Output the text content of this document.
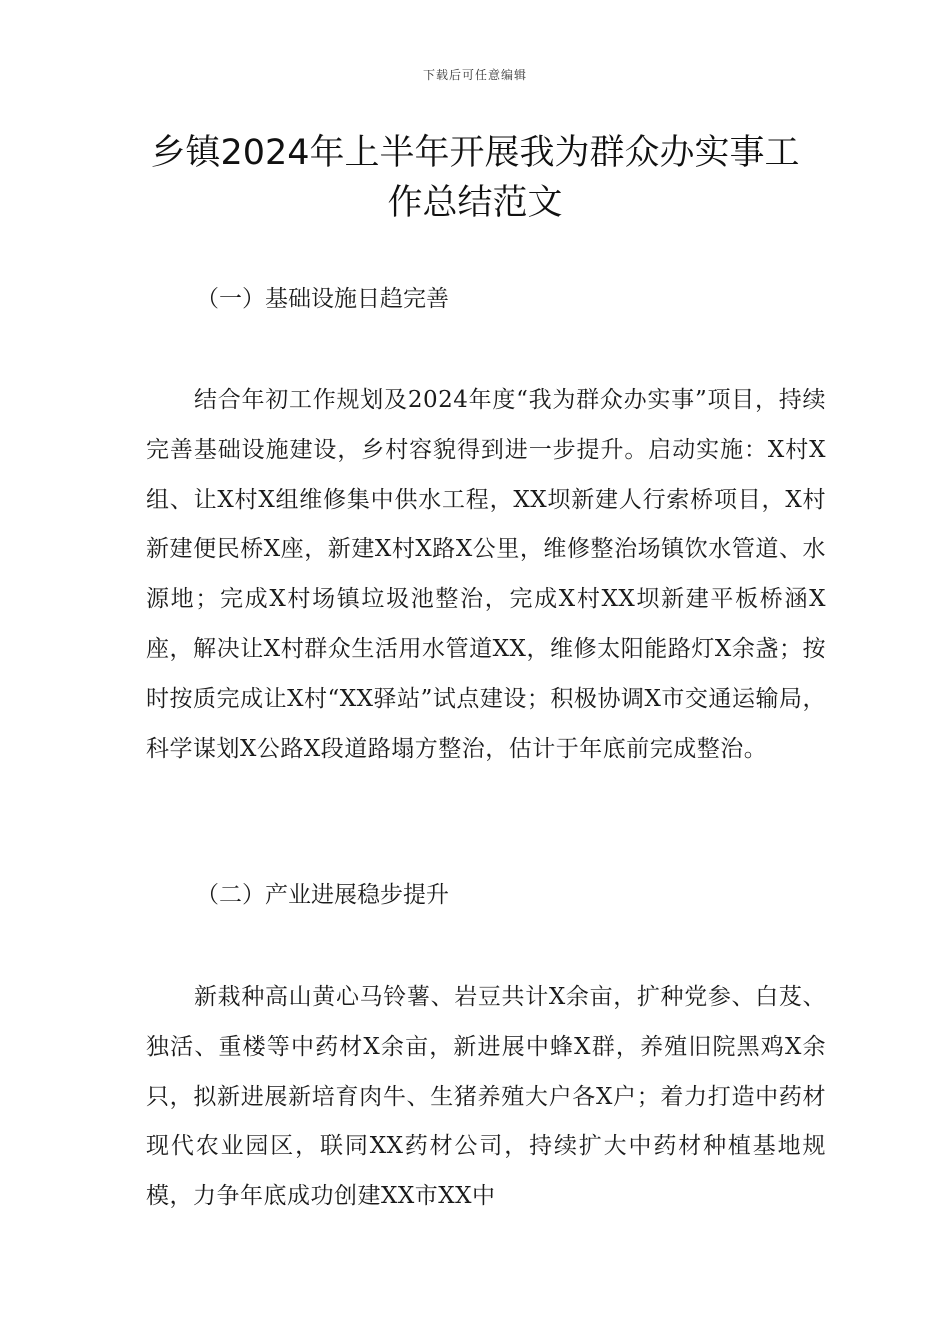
下载后可任意编辑
乡镇2024年上半年开展我为群众办实事工
作总结范文
（一）基础设施日趋完善
结合年初工作规划及2024年度“我为群众办实事”项目，持续完善基础设施建设，乡村容貌得到进一步提升。启动实施：X村X组、让X村X组维修集中供水工程，XX坝新建人行索桥项目，X村新建便民桥X座，新建X村X路X公里，维修整治场镇饮水管道、水源地；完成X村场镇垃圾池整治，完成X村XX坝新建平板桥涵X座，解决让X村群众生活用水管道XX，维修太阳能路灯X余盏；按时按质完成让X村“XX驿站”试点建设；积极协调X市交通运输局，科学谋划X公路X段道路塌方整治，估计于年底前完成整治。
（二）产业进展稳步提升
新栽种高山黄心马铃薯、岩豆共计X余亩，扩种党参、白芨、独活、重楼等中药材X余亩，新进展中蜂X群，养殖旧院黑鸡X余只，拟新进展新培育肉牛、生猪养殖大户各X户；着力打造中药材现代农业园区，联同XX药材公司，持续扩大中药材种植基地规模，力争年底成功创建XX市XX中
